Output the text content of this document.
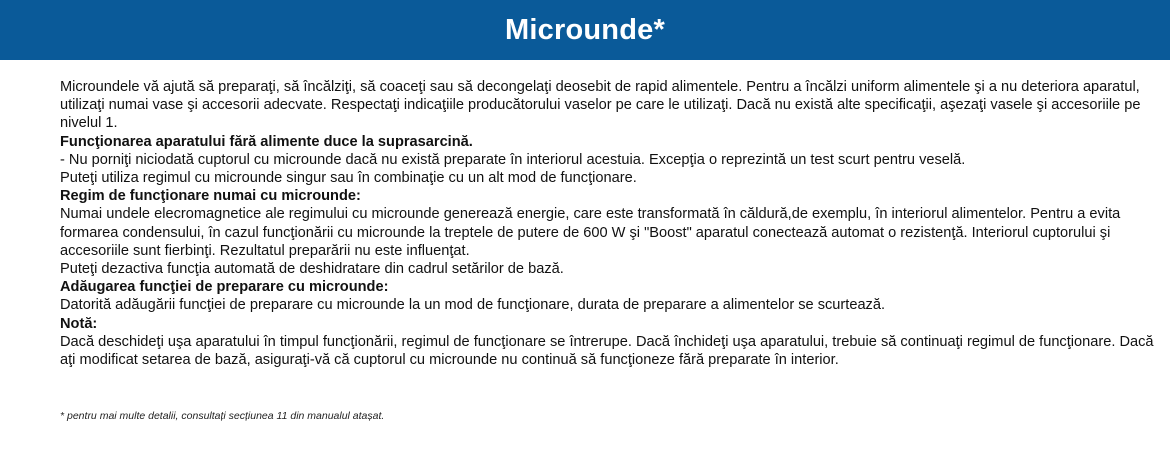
Microunde*

Microundele vă ajută să preparaţi, să încălziţi, să coaceţi sau să decongelaţi deosebit de rapid alimentele. Pentru a încălzi uniform alimentele şi a nu deteriora aparatul, utilizaţi numai vase şi accesorii adecvate. Respectaţi indicaţiile producătorului vaselor pe care le utilizaţi. Dacă nu există alte specificaţii, aşezaţi vasele şi accesoriile pe nivelul 1.

Funcţionarea aparatului fără alimente duce la suprasarcină.

- Nu porniţi niciodată cuptorul cu microunde dacă nu există preparate în interiorul acestuia. Excepţia o reprezintă un test scurt pentru veselă.

Puteţi utiliza regimul cu microunde singur sau în combinaţie cu un alt mod de funcţionare.

Regim de funcţionare numai cu microunde:

Numai undele elecromagnetice ale regimului cu microunde generează energie, care este transformată în căldură,de exemplu, în interiorul alimentelor. Pentru a evita formarea condensului, în cazul funcţionării cu microunde la treptele de putere de 600 W şi "Boost" aparatul conectează automat o rezistenţă. Interiorul cuptorului şi accesoriile sunt fierbinţi. Rezultatul preparării nu este influenţat.

Puteţi dezactiva funcţia automată de deshidratare din cadrul setărilor de bază.

Adăugarea funcţiei de preparare cu microunde:

Datorită adăugării funcţiei de preparare cu microunde la un mod de funcţionare, durata de preparare a alimentelor se scurtează.

Notă:

Dacă deschideţi uşa aparatului în timpul funcţionării, regimul de funcţionare se întrerupe. Dacă închideţi uşa aparatului, trebuie să continuaţi regimul de funcţionare. Dacă aţi modificat setarea de bază, asiguraţi-vă că cuptorul cu microunde nu continuă să funcţioneze fără preparate în interior.

* pentru mai multe detalii, consultați secțiunea 11 din manualul atașat.
